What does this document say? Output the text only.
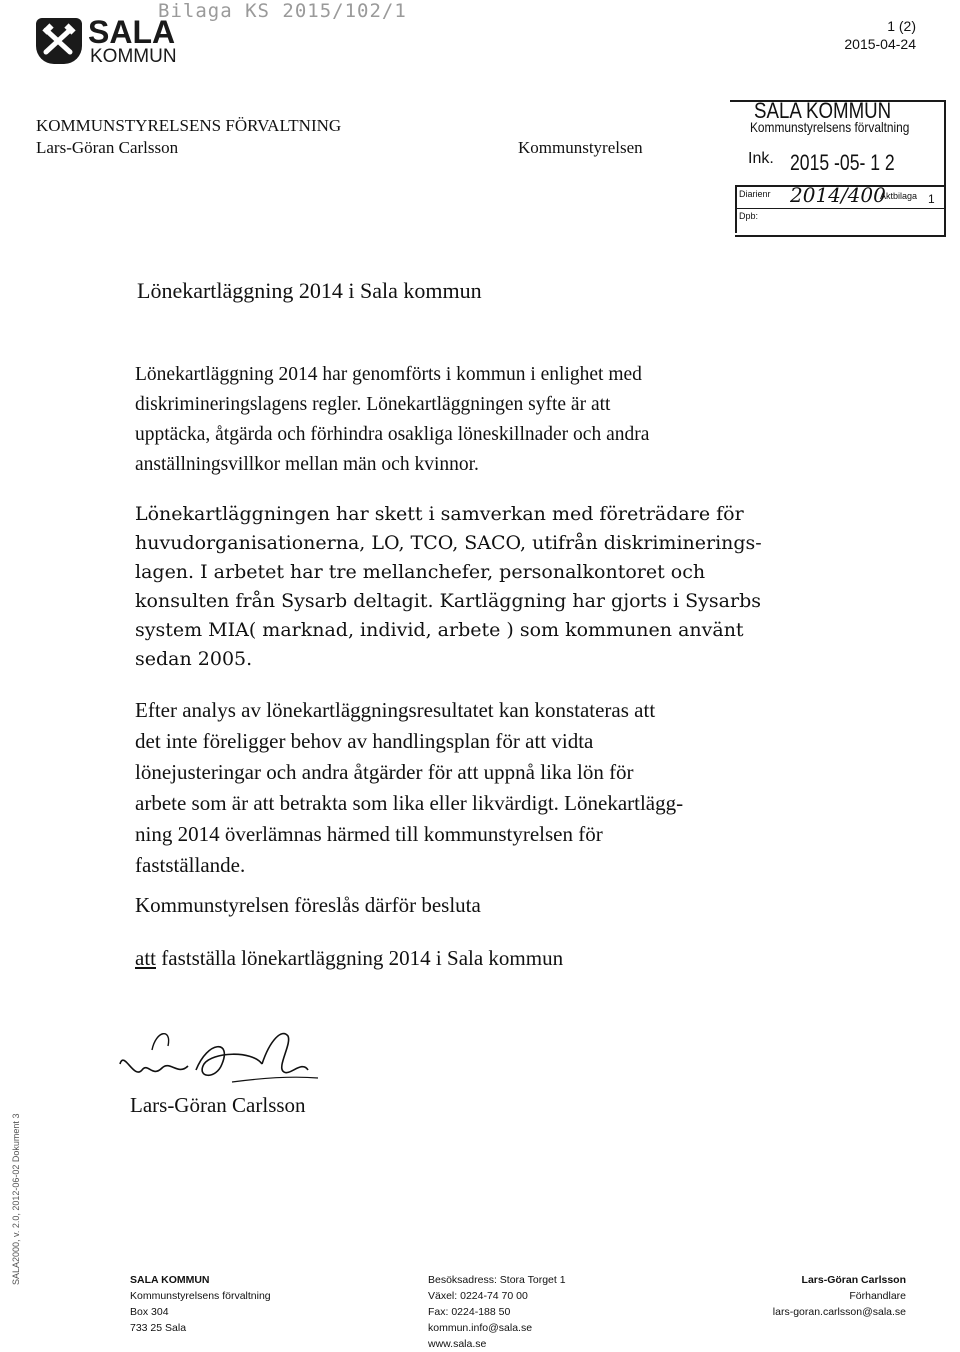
SALA
KOMMUN
Bilaga KS 2015/102/1
1 (2)
2015-04-24
KOMMUNSTYRELSENS FÖRVALTNING
Lars-Göran Carlsson	Kommunstyrelsen
SALA KOMMUN
Kommunstyrelsens förvaltning
Ink. 2015 -05- 1 2
Diarienr 2014/400
Aktbilaga 1
Dpb:
Lönekartläggning 2014 i Sala kommun
Lönekartläggning 2014 har genomförts i kommun i enlighet med
diskrimineringslagens regler. Lönekartläggningen syfte är att
upptäcka, åtgärda och förhindra osakliga löneskillnader och andra
anställningsvillkor mellan män och kvinnor.
Lönekartläggningen har skett i samverkan med företrädare för
huvudorganisationerna, LO, TCO, SACO, utifrån diskriminerings-
lagen. I arbetet har tre mellanchefer, personalkontoret och
konsulten från Sysarb deltagit. Kartläggning har gjorts i Sysarbs
system MIA( marknad, individ, arbete ) som kommunen använt
sedan 2005.
Efter analys av lönekartläggningsresultatet kan konstateras att
det inte föreligger behov av handlingsplan för att vidta
lönejusteringar och andra åtgärder för att uppnå lika lön för
arbete som är att betrakta som lika eller likvärdigt. Lönekartlägg-
ning 2014 överlämnas härmed till kommunstyrelsen för
fastställande.
Kommunstyrelsen föreslås därför besluta
att fastställa lönekartläggning 2014 i Sala kommun
Lars-Göran Carlsson
SALA2000, v. 2.0, 2012-06-02 Dokument 3	SALA KOMMUN
Kommunstyrelsens förvaltning
Box 304
733 25 Sala
Besöksadress: Stora Torget 1
Växel: 0224-74 70 00
Fax: 0224-188 50
kommun.info@sala.se
www.sala.se
Lars-Göran Carlsson
Förhandlare
lars-goran.carlsson@sala.se
